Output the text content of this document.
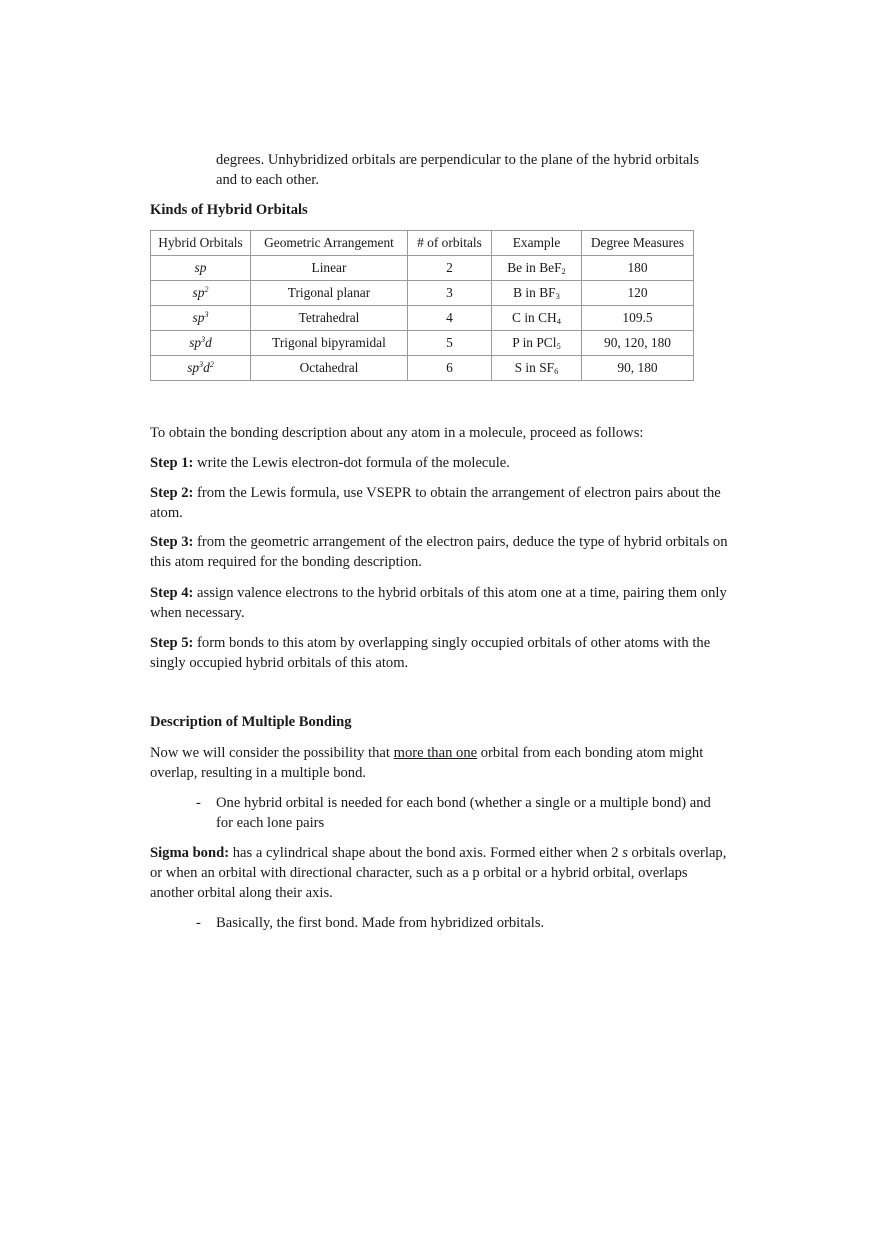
degrees. Unhybridized orbitals are perpendicular to the plane of the hybrid orbitals
and to each other.

Kinds of Hybrid Orbitals

Hybrid Orbitals	Geometric Arrangement	# of orbitals	Example	Degree Measures
sp	Linear	2	Be in BeF$_2$	180
$sp^2$	Trigonal planar	3	B in $BF_3$	120
$sp^3$	Tetrahedral	4	C in $CH_4$	109.5
$sp^3d$	Trigonal bipyramidal	5	P in PCl$_5$	90, 120, 180
$sp^3d^2$	Octahedral	6	S in $SF_6$	90, 180

To obtain the bonding description about any atom in a molecule, proceed as follows:

Step 1: write the Lewis electron-dot formula of the molecule.

Step 2: from the Lewis formula, use VSEPR to obtain the arrangement of electron pairs about the atom.

Step 3: from the geometric arrangement of the electron pairs, deduce the type of hybrid orbitals on this atom required for the bonding description.

Step 4: assign valence electrons to the hybrid orbitals of this atom one at a time, pairing them only when necessary.

Step 5: form bonds to this atom by overlapping singly occupied orbitals of other atoms with the singly occupied hybrid orbitals of this atom.

Description of Multiple Bonding

Now we will consider the possibility that more than one orbital from each bonding atom might overlap, resulting in a multiple bond.

- One hybrid orbital is needed for each bond (whether a single or a multiple bond) and for each lone pairs

Sigma bond: has a cylindrical shape about the bond axis. Formed either when 2 s orbitals overlap, or when an orbital with directional character, such as a p orbital or a hybrid orbital, overlaps another orbital along their axis.

- Basically, the first bond. Made from hybridized orbitals.
